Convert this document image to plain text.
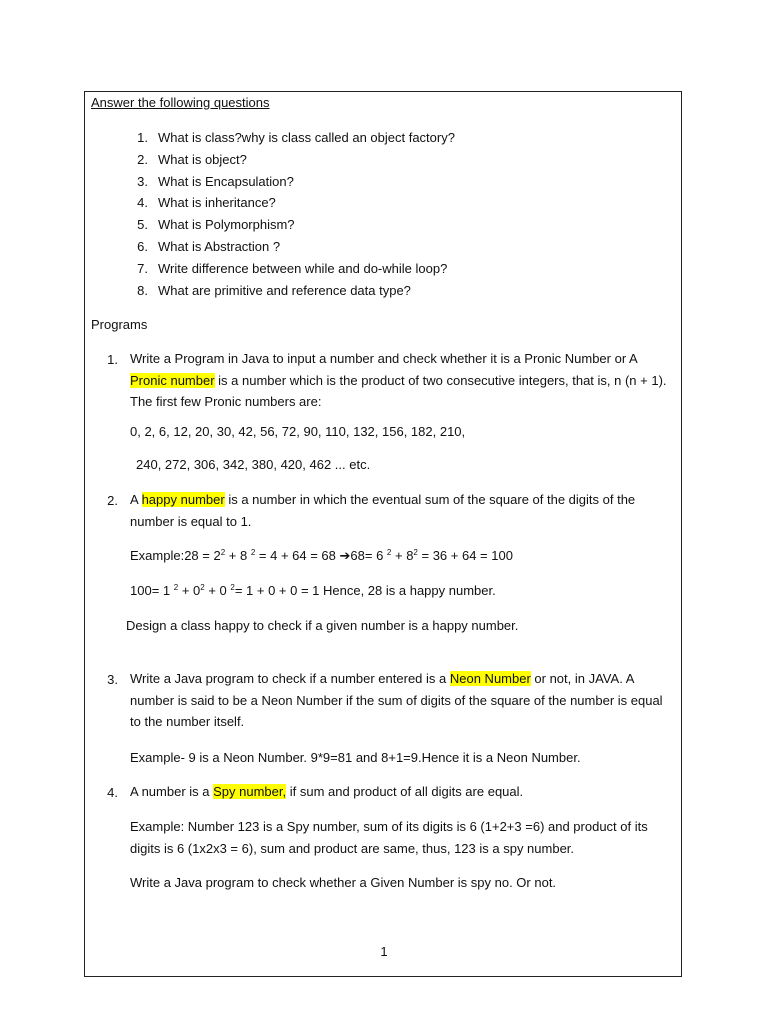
Answer the following questions
1. What is class?why is class called an object factory?
2. What is object?
3. What is Encapsulation?
4. What is inheritance?
5. What is Polymorphism?
6. What is Abstraction ?
7. Write difference between while and do-while loop?
8. What are primitive and reference data type?
Programs
1. Write a Program in Java to input a number and check whether it is a Pronic Number or A Pronic number is a number which is the product of two consecutive integers, that is, n (n + 1). The first few Pronic numbers are:
0, 2, 6, 12, 20, 30, 42, 56, 72, 90, 110, 132, 156, 182, 210,
240, 272, 306, 342, 380, 420, 462 ... etc.
2. A happy number is a number in which the eventual sum of the square of the digits of the number is equal to 1.
Example:28 = $2^2 + 8$ $^2$ = 4 + 64 = 68 ➔68= 6 $^2 + 8^2 = 36 + 64 = 100$
100= 1 $^2 + 0^2 + 0$ $^2$= 1 + 0 + 0 = 1 Hence, 28 is a happy number.
Design a class happy to check if a given number is a happy number.
3. Write a Java program to check if a number entered is a Neon Number or not, in JAVA. A number is said to be a Neon Number if the sum of digits of the square of the number is equal to the number itself.
Example- 9 is a Neon Number. 9*9=81 and 8+1=9.Hence it is a Neon Number.
4. A number is a Spy number, if sum and product of all digits are equal.
Example: Number 123 is a Spy number, sum of its digits is 6 (1+2+3 =6) and product of its digits is 6 (1x2x3 = 6), sum and product are same, thus, 123 is a spy number.
Write a Java program to check whether a Given Number is spy no. Or not.
1
